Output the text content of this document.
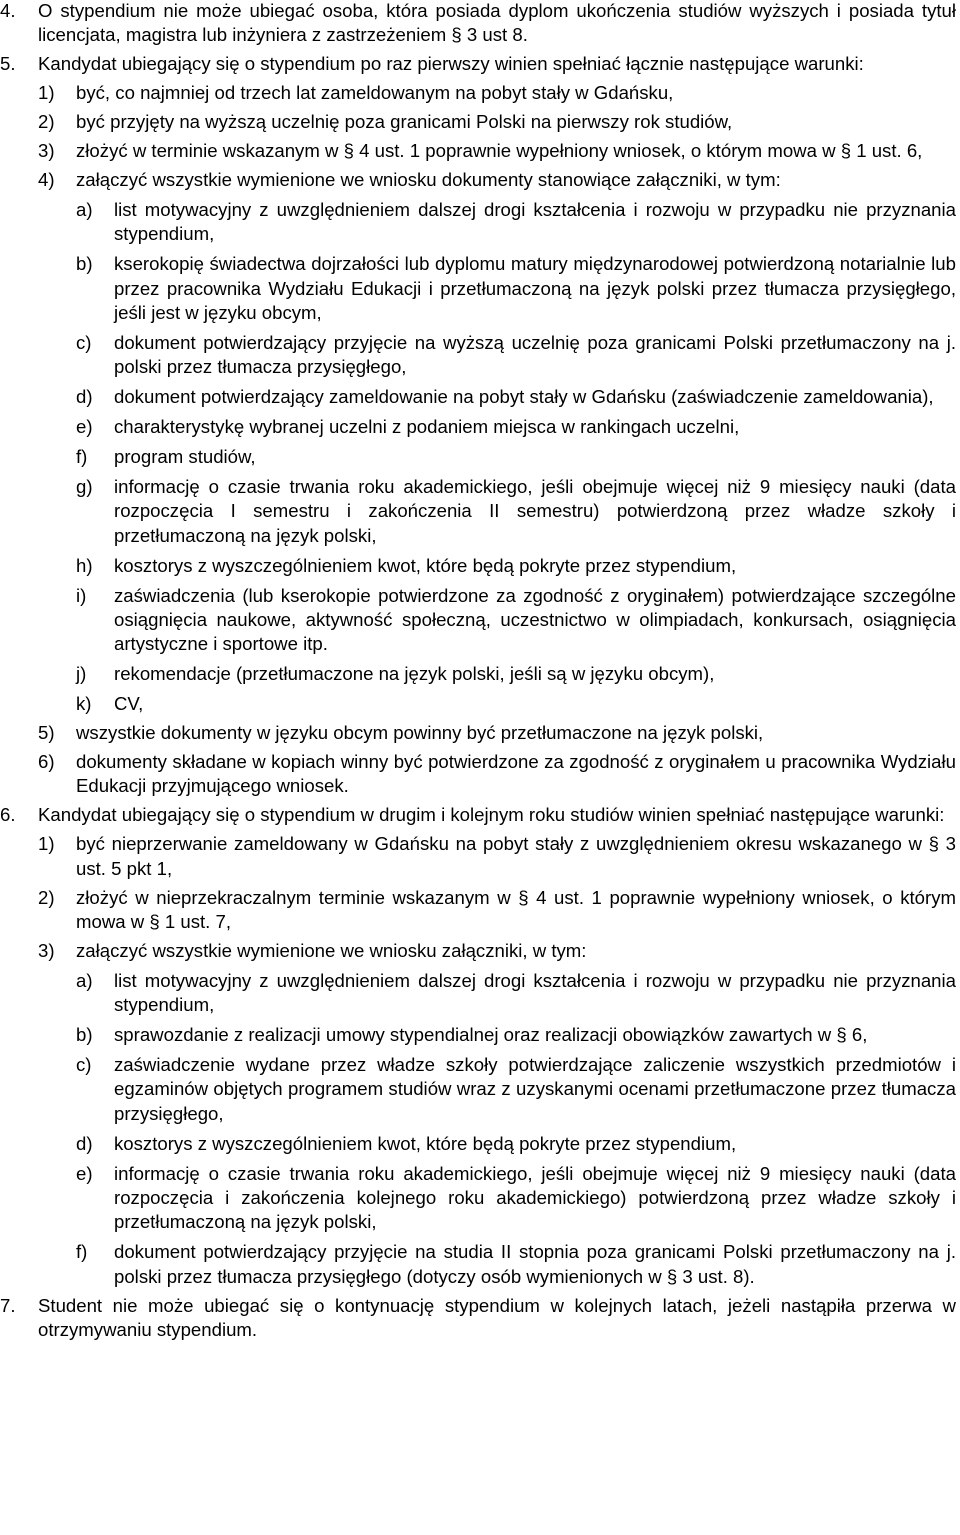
4. O stypendium nie może ubiegać osoba, która posiada dyplom ukończenia studiów wyższych i posiada tytuł licencjata, magistra lub inżyniera z zastrzeżeniem § 3 ust 8.
5. Kandydat ubiegający się o stypendium po raz pierwszy winien spełniać łącznie następujące warunki:
1) być, co najmniej od trzech lat zameldowanym na pobyt stały w Gdańsku,
2) być przyjęty na wyższą uczelnię poza granicami Polski na pierwszy rok studiów,
3) złożyć w terminie wskazanym w § 4 ust. 1 poprawnie wypełniony wniosek, o którym mowa w § 1 ust. 6,
4) załączyć wszystkie wymienione we wniosku dokumenty stanowiące załączniki, w tym:
a) list motywacyjny z uwzględnieniem dalszej drogi kształcenia i rozwoju w przypadku nie przyznania stypendium,
b) kserokopię świadectwa dojrzałości lub dyplomu matury międzynarodowej potwierdzoną notarialnie lub przez pracownika Wydziału Edukacji i przetłumaczoną na język polski przez tłumacza przysięgłego, jeśli jest w języku obcym,
c) dokument potwierdzający przyjęcie na wyższą uczelnię poza granicami Polski przetłumaczony na j. polski przez tłumacza przysięgłego,
d) dokument potwierdzający zameldowanie na pobyt stały w Gdańsku (zaświadczenie zameldowania),
e) charakterystykę wybranej uczelni z podaniem miejsca w rankingach uczelni,
f) program studiów,
g) informację o czasie trwania roku akademickiego, jeśli obejmuje więcej niż 9 miesięcy nauki (data rozpoczęcia I semestru i zakończenia II semestru) potwierdzoną przez władze szkoły i przetłumaczoną na język polski,
h) kosztorys z wyszczególnieniem kwot, które będą pokryte przez stypendium,
i) zaświadczenia (lub kserokopie potwierdzone za zgodność z oryginałem) potwierdzające szczególne osiągnięcia naukowe, aktywność społeczną, uczestnictwo w olimpiadach, konkursach, osiągnięcia artystyczne i sportowe itp.
j) rekomendacje (przetłumaczone na język polski, jeśli są w języku obcym),
k) CV,
5) wszystkie dokumenty w języku obcym powinny być przetłumaczone na język polski,
6) dokumenty składane w kopiach winny być potwierdzone za zgodność z oryginałem u pracownika Wydziału Edukacji przyjmującego wniosek.
6. Kandydat ubiegający się o stypendium w drugim i kolejnym roku studiów winien spełniać następujące warunki:
1) być nieprzerwanie zameldowany w Gdańsku na pobyt stały z uwzględnieniem okresu wskazanego w § 3 ust. 5 pkt 1,
2) złożyć w nieprzekraczalnym terminie wskazanym w § 4 ust. 1 poprawnie wypełniony wniosek, o którym mowa w § 1 ust. 7,
3) załączyć wszystkie wymienione we wniosku załączniki, w tym:
a) list motywacyjny z uwzględnieniem dalszej drogi kształcenia i rozwoju w przypadku nie przyznania stypendium,
b) sprawozdanie z realizacji umowy stypendialnej oraz realizacji obowiązków zawartych w § 6,
c) zaświadczenie wydane przez władze szkoły potwierdzające zaliczenie wszystkich przedmiotów i egzaminów objętych programem studiów wraz z uzyskanymi ocenami przetłumaczone przez tłumacza przysięgłego,
d) kosztorys z wyszczególnieniem kwot, które będą pokryte przez stypendium,
e) informację o czasie trwania roku akademickiego, jeśli obejmuje więcej niż 9 miesięcy nauki (data rozpoczęcia i zakończenia kolejnego roku akademickiego) potwierdzoną przez władze szkoły i przetłumaczoną na język polski,
f) dokument potwierdzający przyjęcie na studia II stopnia poza granicami Polski przetłumaczony na j. polski przez tłumacza przysięgłego (dotyczy osób wymienionych w § 3 ust. 8).
7. Student nie może ubiegać się o kontynuację stypendium w kolejnych latach, jeżeli nastąpiła przerwa w otrzymywaniu stypendium.
